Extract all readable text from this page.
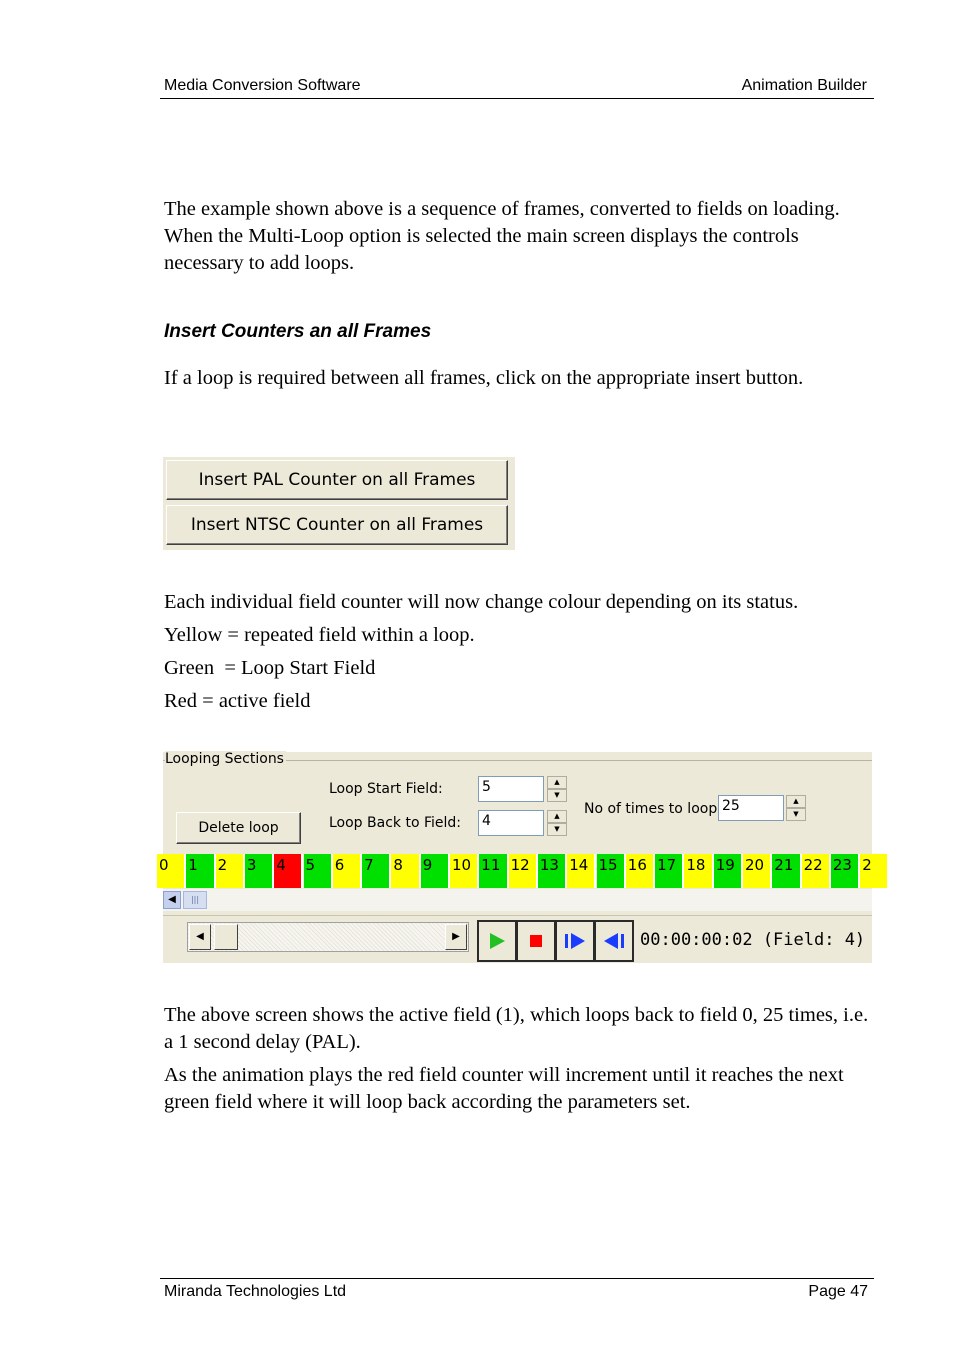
Media Conversion Software	Animation Builder

The example shown above is a sequence of frames, converted to fields on loading. When the Multi-Loop option is selected the main screen displays the controls necessary to add loops.

Insert Counters an all Frames

If a loop is required between all frames, click on the appropriate insert button.

Insert PAL Counter on all Frames
Insert NTSC Counter on all Frames

Each individual field counter will now change colour depending on its status.

Yellow = repeated field within a loop.

Green  = Loop Start Field

Red = active field

Looping Sections
Loop Start Field:	5	▲
▼
Loop Back to Field: 4	▲
▼
No of times to loop 25	▲
▼
Delete loop
0	1	2	3	4	5	6	7	8	9	10 11 12 13 14 15 16 17 18 19 20 21 22 23 2
◀	|||
◀	▶	00:00:00:02 (Field: 4)

The above screen shows the active field (1), which loops back to field 0, 25 times, i.e. a 1 second delay (PAL).

As the animation plays the red field counter will increment until it reaches the next green field where it will loop back according the parameters set.

Miranda Technologies Ltd	Page 47
